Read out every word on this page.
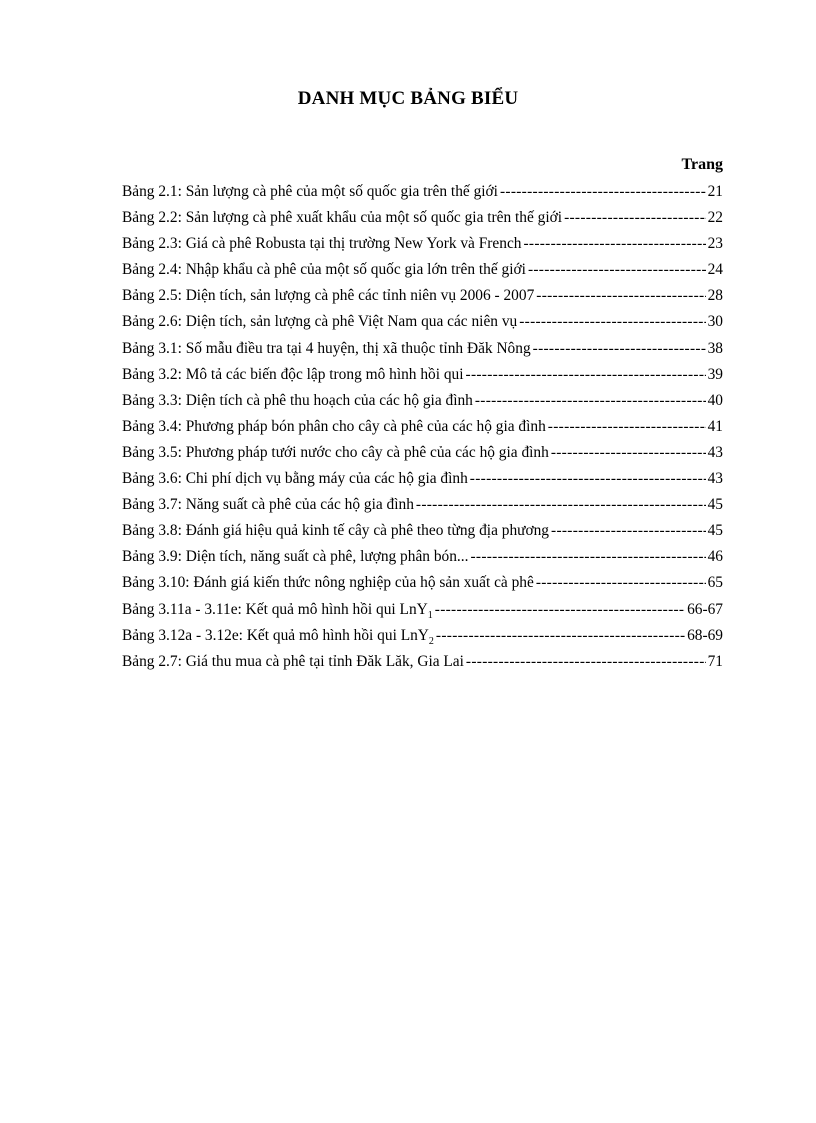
DANH MỤC BẢNG BIỂU
Trang
Bảng 2.1: Sản lượng cà phê của một số quốc gia trên thế giới -----	21
Bảng 2.2: Sản lượng cà phê xuất khẩu của một số quốc gia trên thế giới -----	22
Bảng 2.3: Giá cà phê Robusta tại thị trường New York và French -----	23
Bảng 2.4: Nhập khẩu cà phê của một số quốc gia lớn trên thế giới -----	24
Bảng 2.5: Diện tích, sản lượng cà phê các tỉnh niên vụ 2006 - 2007 -----	28
Bảng 2.6: Diện tích, sản lượng cà phê Việt Nam qua các niên vụ -----	30
Bảng 3.1: Số mẫu điều tra tại 4 huyện, thị xã thuộc tỉnh Đăk Nông -----	38
Bảng 3.2: Mô tả các biến độc lập trong mô hình hồi qui -----	39
Bảng 3.3: Diện tích cà phê thu hoạch của các hộ gia đình -----	40
Bảng 3.4: Phương pháp bón phân cho cây cà phê của các hộ gia đình -----	41
Bảng 3.5: Phương pháp tưới nước cho cây cà phê của các hộ gia đình -----	43
Bảng 3.6: Chi phí dịch vụ bằng máy của các hộ gia đình -----	43
Bảng 3.7: Năng suất cà phê của các hộ gia đình -----	45
Bảng 3.8: Đánh giá hiệu quả kinh tế cây cà phê theo từng địa phương -----	45
Bảng 3.9: Diện tích, năng suất cà phê, lượng phân bón... -----	46
Bảng 3.10: Đánh giá kiến thức nông nghiệp của hộ sản xuất cà phê -----	65
Bảng 3.11a - 3.11e: Kết quả mô hình hồi qui LnY$_1$ -----	66-67
Bảng 3.12a - 3.12e: Kết quả mô hình hồi qui LnY$_2$ -----	68-69
Bảng 2.7: Giá thu mua cà phê tại tỉnh Đăk Lăk, Gia Lai -----	71
